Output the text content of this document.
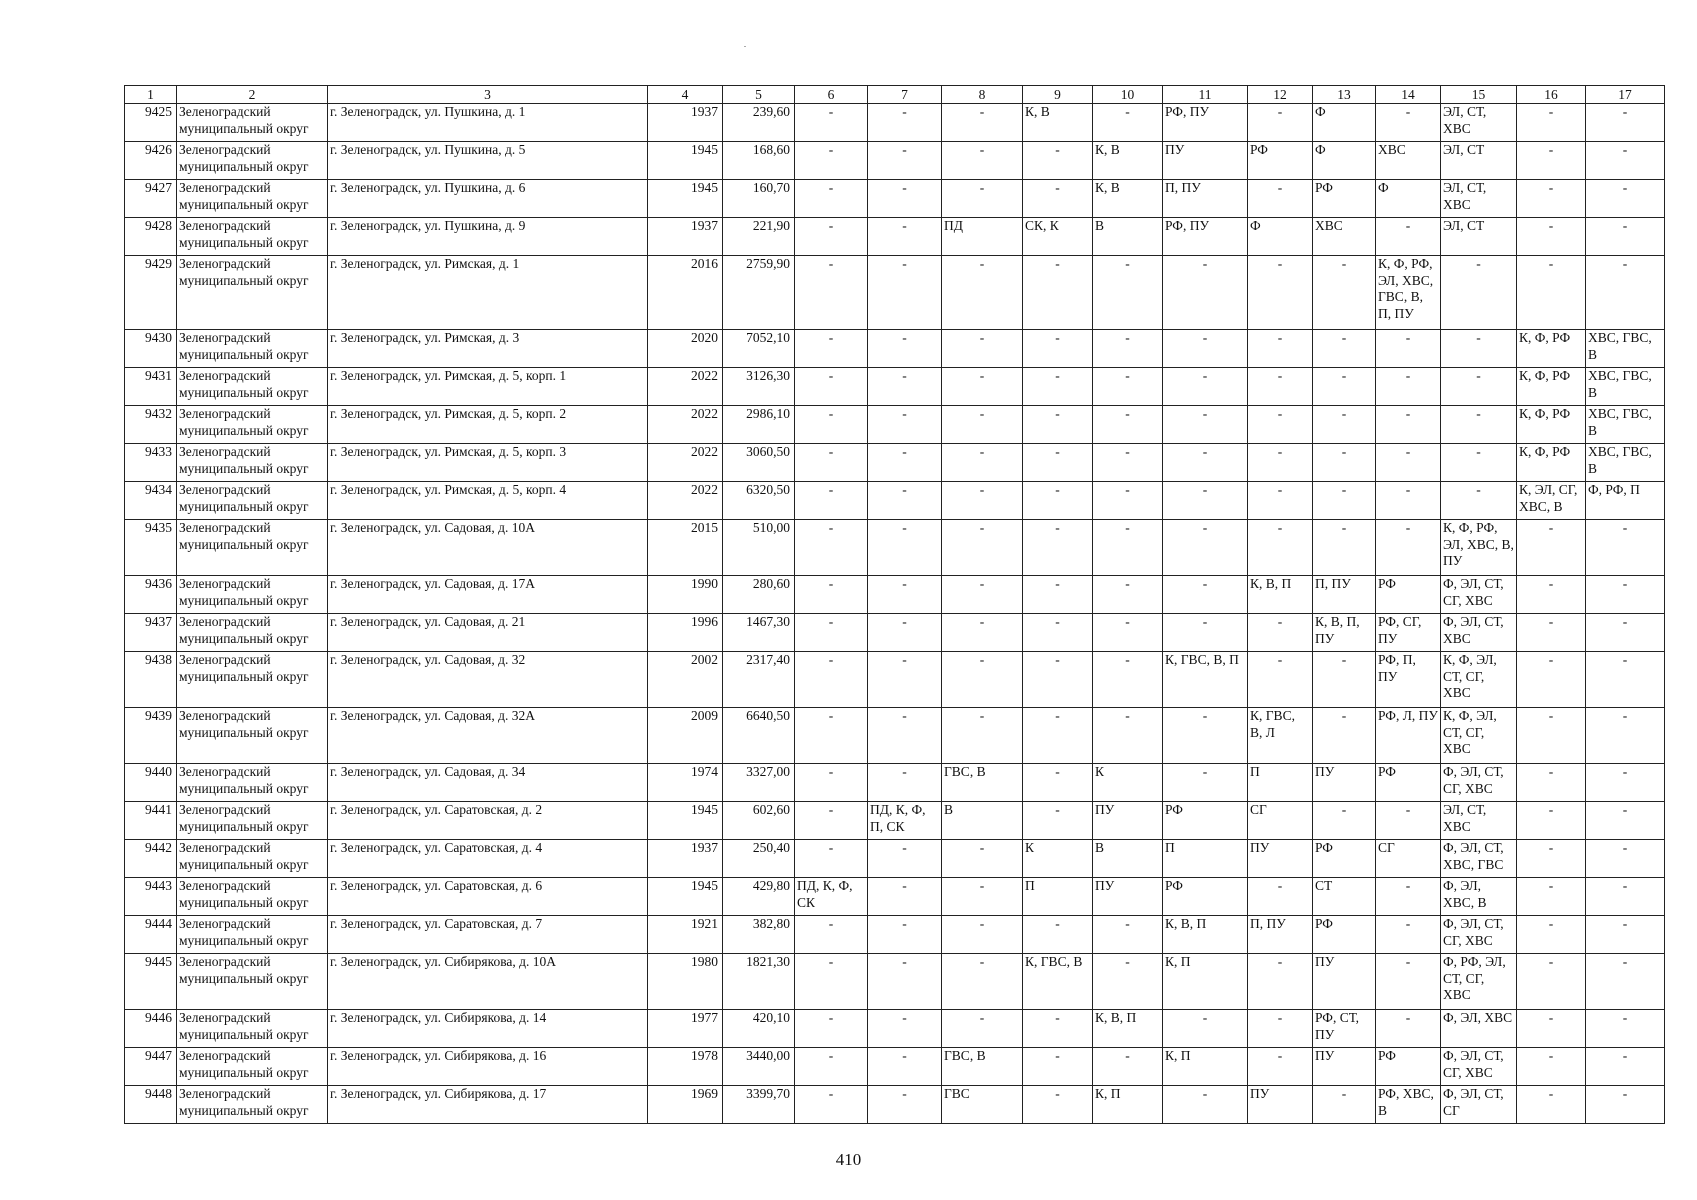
1	2	3	4	5	6	7	8	9	10	11	12	13	14	15	16	17
9425	Зеленоградский муниципальный округ	г. Зеленоградск, ул. Пушкина, д. 1	1937	239,60	-	-	-	К, В	-	РФ, ПУ	-	Ф	-	ЭЛ, СТ, ХВС	-	-
9426	Зеленоградский муниципальный округ	г. Зеленоградск, ул. Пушкина, д. 5	1945	168,60	-	-	-	-	К, В	ПУ	РФ	Ф	ХВС	ЭЛ, СТ	-	-
9427	Зеленоградский муниципальный округ	г. Зеленоградск, ул. Пушкина, д. 6	1945	160,70	-	-	-	-	К, В	П, ПУ	-	РФ	Ф	ЭЛ, СТ, ХВС	-	-
9428	Зеленоградский муниципальный округ	г. Зеленоградск, ул. Пушкина, д. 9	1937	221,90	-	-	ПД	СК, К	В	РФ, ПУ	Ф	ХВС	-	ЭЛ, СТ	-	-
9429	Зеленоградский муниципальный округ	г. Зеленоградск, ул. Римская, д. 1	2016	2759,90	-	-	-	-	-	-	-	-	К, Ф, РФ, ЭЛ, ХВС, ГВС, В, П, ПУ	-	-	-
9430	Зеленоградский муниципальный округ	г. Зеленоградск, ул. Римская, д. 3	2020	7052,10	-	-	-	-	-	-	-	-	-	-	К, Ф, РФ	ХВС, ГВС, В
9431	Зеленоградский муниципальный округ	г. Зеленоградск, ул. Римская, д. 5, корп. 1	2022	3126,30	-	-	-	-	-	-	-	-	-	-	К, Ф, РФ	ХВС, ГВС, В
9432	Зеленоградский муниципальный округ	г. Зеленоградск, ул. Римская, д. 5, корп. 2	2022	2986,10	-	-	-	-	-	-	-	-	-	-	К, Ф, РФ	ХВС, ГВС, В
9433	Зеленоградский муниципальный округ	г. Зеленоградск, ул. Римская, д. 5, корп. 3	2022	3060,50	-	-	-	-	-	-	-	-	-	-	К, Ф, РФ	ХВС, ГВС, В
9434	Зеленоградский муниципальный округ	г. Зеленоградск, ул. Римская, д. 5, корп. 4	2022	6320,50	-	-	-	-	-	-	-	-	-	-	К, ЭЛ, СГ, ХВС, В	Ф, РФ, П
9435	Зеленоградский муниципальный округ	г. Зеленоградск, ул. Садовая, д. 10А	2015	510,00	-	-	-	-	-	-	-	-	-	К, Ф, РФ, ЭЛ, ХВС, В, ПУ	-	-
9436	Зеленоградский муниципальный округ	г. Зеленоградск, ул. Садовая, д. 17А	1990	280,60	-	-	-	-	-	-	К, В, П	П, ПУ	РФ	Ф, ЭЛ, СТ, СГ, ХВС	-	-
9437	Зеленоградский муниципальный округ	г. Зеленоградск, ул. Садовая, д. 21	1996	1467,30	-	-	-	-	-	-	-	К, В, П, ПУ	РФ, СГ, ПУ	Ф, ЭЛ, СТ, ХВС	-	-
9438	Зеленоградский муниципальный округ	г. Зеленоградск, ул. Садовая, д. 32	2002	2317,40	-	-	-	-	-	К, ГВС, В, П	-	-	РФ, П, ПУ	К, Ф, ЭЛ, СТ, СГ, ХВС	-	-
9439	Зеленоградский муниципальный округ	г. Зеленоградск, ул. Садовая, д. 32А	2009	6640,50	-	-	-	-	-	-	К, ГВС, В, Л	-	РФ, Л, ПУ	К, Ф, ЭЛ, СТ, СГ, ХВС	-	-
9440	Зеленоградский муниципальный округ	г. Зеленоградск, ул. Садовая, д. 34	1974	3327,00	-	-	ГВС, В	-	К	-	П	ПУ	РФ	Ф, ЭЛ, СТ, СГ, ХВС	-	-
9441	Зеленоградский муниципальный округ	г. Зеленоградск, ул. Саратовская, д. 2	1945	602,60	-	ПД, К, Ф, П, СК	В	-	ПУ	РФ	СГ	-	-	ЭЛ, СТ, ХВС	-	-
9442	Зеленоградский муниципальный округ	г. Зеленоградск, ул. Саратовская, д. 4	1937	250,40	-	-	-	К	В	П	ПУ	РФ	СГ	Ф, ЭЛ, СТ, ХВС, ГВС	-	-
9443	Зеленоградский муниципальный округ	г. Зеленоградск, ул. Саратовская, д. 6	1945	429,80	ПД, К, Ф, СК	-	-	П	ПУ	РФ	-	СТ	-	Ф, ЭЛ, ХВС, В	-	-
9444	Зеленоградский муниципальный округ	г. Зеленоградск, ул. Саратовская, д. 7	1921	382,80	-	-	-	-	-	К, В, П	П, ПУ	РФ	-	Ф, ЭЛ, СТ, СГ, ХВС	-	-
9445	Зеленоградский муниципальный округ	г. Зеленоградск, ул. Сибирякова, д. 10А	1980	1821,30	-	-	-	К, ГВС, В	-	К, П	-	ПУ	-	Ф, РФ, ЭЛ, СТ, СГ, ХВС	-	-
9446	Зеленоградский муниципальный округ	г. Зеленоградск, ул. Сибирякова, д. 14	1977	420,10	-	-	-	-	К, В, П	-	-	РФ, СТ, ПУ	-	Ф, ЭЛ, ХВС	-	-
9447	Зеленоградский муниципальный округ	г. Зеленоградск, ул. Сибирякова, д. 16	1978	3440,00	-	-	ГВС, В	-	-	К, П	-	ПУ	РФ	Ф, ЭЛ, СТ, СГ, ХВС	-	-
9448	Зеленоградский муниципальный округ	г. Зеленоградск, ул. Сибирякова, д. 17	1969	3399,70	-	-	ГВС	-	К, П	-	ПУ	-	РФ, ХВС, В	Ф, ЭЛ, СТ, СГ	-	-
410
